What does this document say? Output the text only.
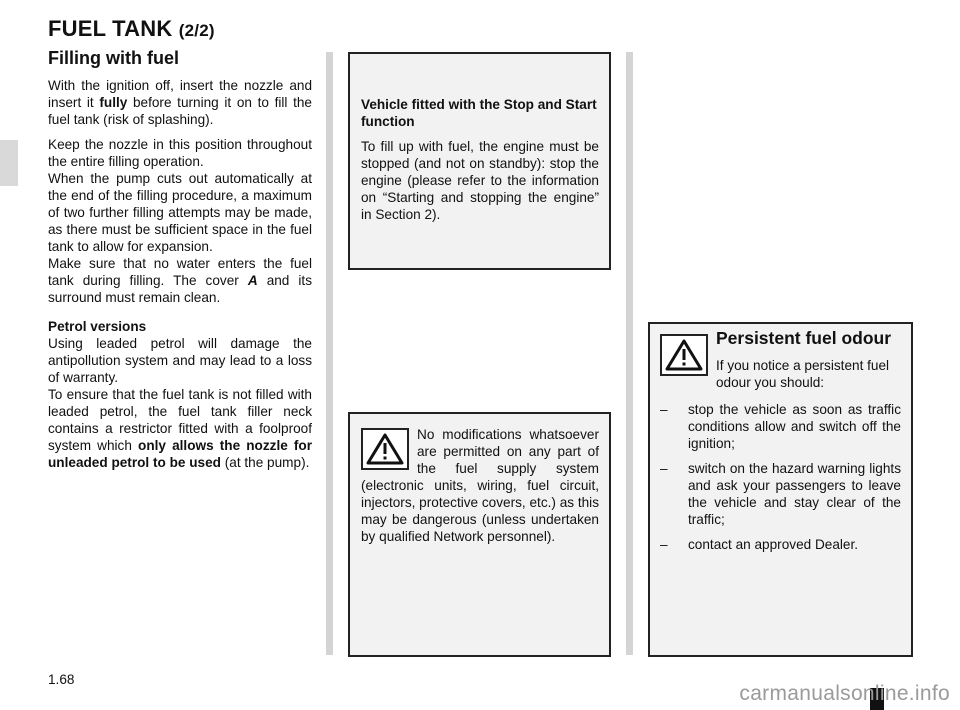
FUEL TANK (2/2)
Filling with fuel

With the ignition off, insert the nozzle and insert it fully before turning it on to fill the fuel tank (risk of splashing).

Keep the nozzle in this position throughout the entire filling operation.
When the pump cuts out automatically at the end of the filling procedure, a maximum of two further filling attempts may be made, as there must be sufficient space in the fuel tank to allow for expansion.
Make sure that no water enters the fuel tank during filling. The cover A and its surround must remain clean.

Petrol versions
Using leaded petrol will damage the antipollution system and may lead to a loss of warranty.
To ensure that the fuel tank is not filled with leaded petrol, the fuel tank filler neck contains a restrictor fitted with a foolproof system which only allows the nozzle for unleaded petrol to be used (at the pump).

Vehicle fitted with the Stop and Start function

To fill up with fuel, the engine must be stopped (and not on standby): stop the engine (please refer to the information on “Starting and stopping the engine” in Section 2).

No modifications whatsoever are permitted on any part of the fuel supply system (electronic units, wiring, fuel circuit, injectors, protective covers, etc.) as this may be dangerous (unless undertaken by qualified Network personnel).

Persistent fuel odour

If you notice a persistent fuel odour you should:

– stop the vehicle as soon as traffic conditions allow and switch off the ignition;
– switch on the hazard warning lights and ask your passengers to leave the vehicle and stay clear of the traffic;
– contact an approved Dealer.
1.68
carmanualsonline.info
